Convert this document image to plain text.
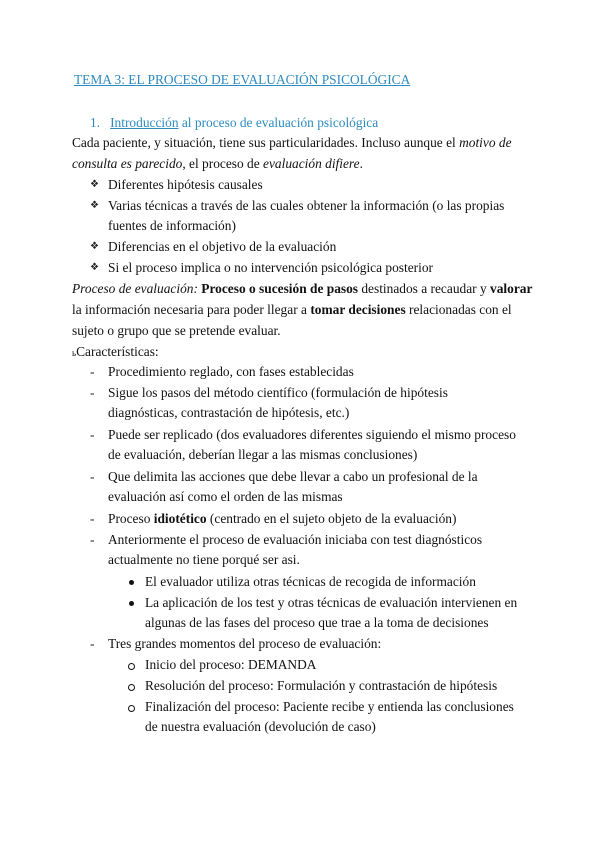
TEMA 3: EL PROCESO DE EVALUACIÓN PSICOLÓGICA
1. Introducción al proceso de evaluación psicológica
Cada paciente, y situación, tiene sus particularidades. Incluso aunque el motivo de
consulta es parecido, el proceso de evaluación difiere.
❖ Diferentes hipótesis causales
❖ Varias técnicas a través de las cuales obtener la información (o las propias
fuentes de información)
❖ Diferencias en el objetivo de la evaluación
❖ Si el proceso implica o no intervención psicológica posterior
Proceso de evaluación: Proceso o sucesión de pasos destinados a recaudar y valorar
la información necesaria para poder llegar a tomar decisiones relacionadas con el
sujeto o grupo que se pretende evaluar.
ьCaracterísticas:
- Procedimiento reglado, con fases establecidas
- Sigue los pasos del método científico (formulación de hipótesis
diagnósticas, contrastación de hipótesis, etc.)
- Puede ser replicado (dos evaluadores diferentes siguiendo el mismo proceso
de evaluación, deberían llegar a las mismas conclusiones)
- Que delimita las acciones que debe llevar a cabo un profesional de la
evaluación así como el orden de las mismas
- Proceso idiotético (centrado en el sujeto objeto de la evaluación)
- Anteriormente el proceso de evaluación iniciaba con test diagnósticos
actualmente no tiene porqué ser asi.
El evaluador utiliza otras técnicas de recogida de información
La aplicación de los test y otras técnicas de evaluación intervienen en
algunas de las fases del proceso que trae a la toma de decisiones
- Tres grandes momentos del proceso de evaluación:
Inicio del proceso: DEMANDA
Resolución del proceso: Formulación y contrastación de hipótesis
Finalización del proceso: Paciente recibe y entienda las conclusiones
de nuestra evaluación (devolución de caso)
